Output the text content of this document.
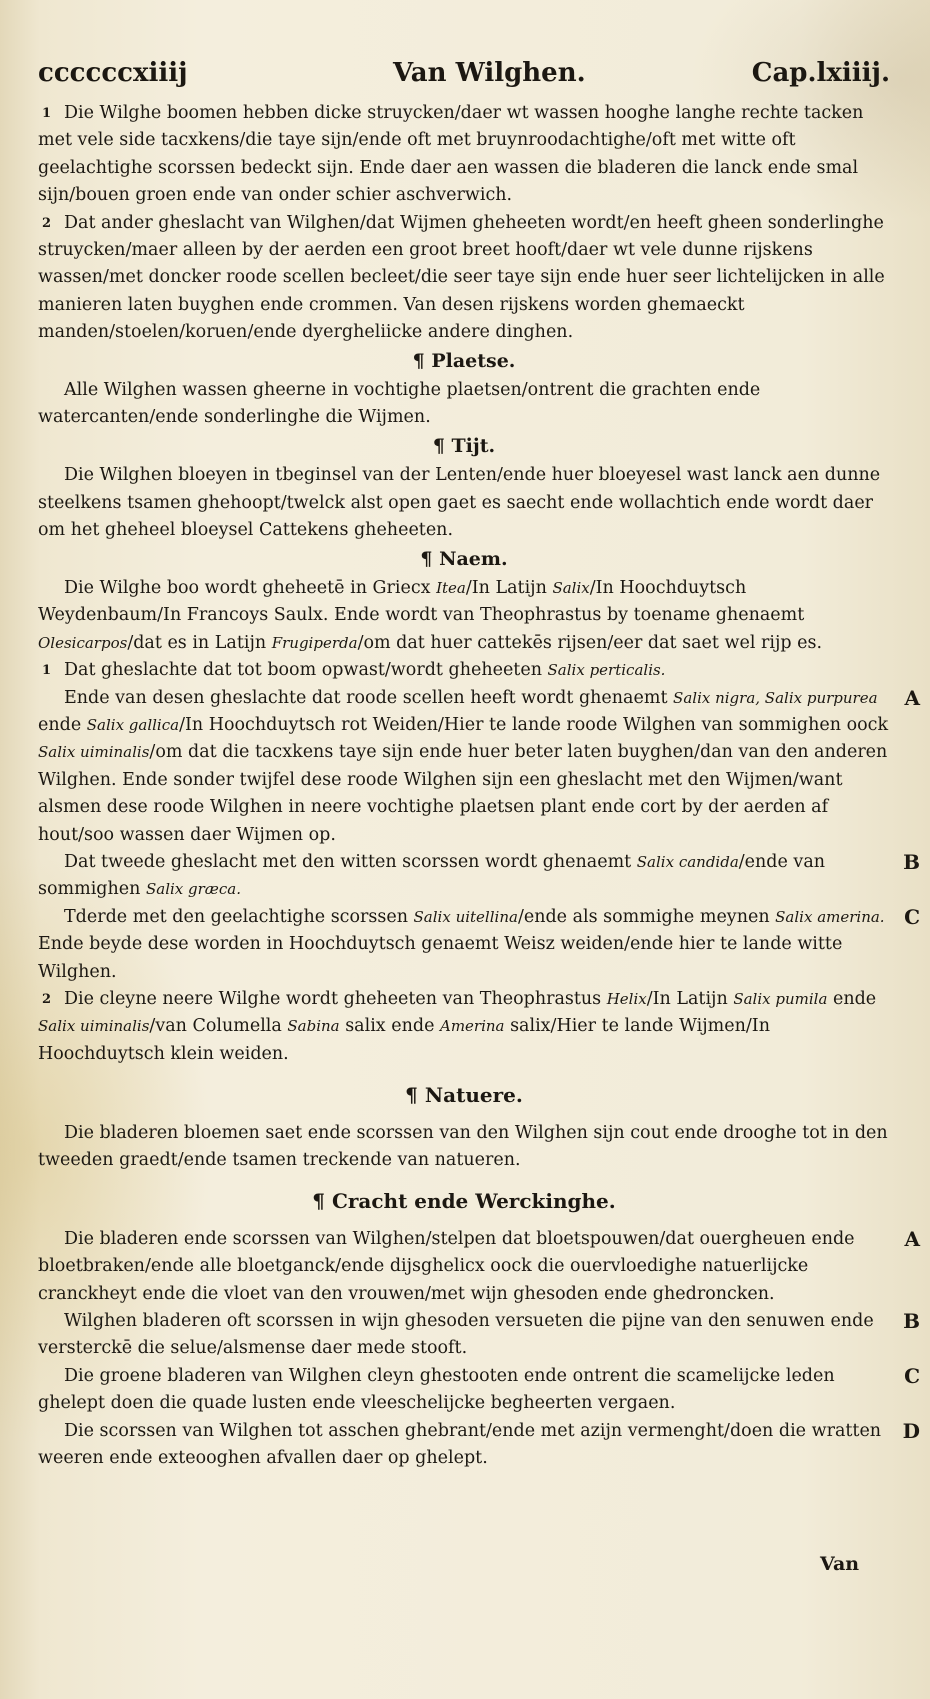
ccccccxiiij	Van Wilghen.	Cap.lxiiij.

1 Die Wilghe boomen hebben dicke struycken/daer wt wassen hooghe langhe rechte tacken met vele side tacxkens/die taye sijn/ende oft met bruynroodachtighe/oft met witte oft geelachtighe scorssen bedeckt sijn. Ende daer aen wassen die bladeren die lanck ende smal sijn/bouen groen ende van onder schier aschverwich.

2 Dat ander gheslacht van Wilghen/dat Wijmen gheheeten wordt/en heeft gheen sonderlinghe struycken/maer alleen by der aerden een groot breet hooft/daer wt vele dunne rijskens wassen/met doncker roode scellen becleet/die seer taye sijn ende huer seer lichtelijcken in alle manieren laten buyghen ende crommen. Van desen rijskens worden ghemaeckt manden/stoelen/koruen/ende dyergheliicke andere dinghen.

¶ Plaetse.

Alle Wilghen wassen gheerne in vochtighe plaetsen/ontrent die grachten ende watercanten/ende sonderlinghe die Wijmen.

¶ Tijt.

Die Wilghen bloeyen in tbeginsel van der Lenten/ende huer bloeyesel wast lanck aen dunne steelkens tsamen ghehoopt/twelck alst open gaet es saecht ende wollachtich ende wordt daer om het gheheel bloeysel Cattekens gheheeten.

¶ Naem.

Die Wilghe boo wordt gheheetē in Griecx Itea/In Latijn Salix/In Hoochduytsch Weydenbaum/In Francoys Saulx. Ende wordt van Theophrastus by toename ghenaemt Olesicarpos/dat es in Latijn Frugiperda/om dat huer cattekēs rijsen/eer dat saet wel rijp es.

1 Dat gheslachte dat tot boom opwast/wordt gheheeten Salix perticalis.

A
Ende van desen gheslachte dat roode scellen heeft wordt ghenaemt Salix nigra, Salix purpurea ende Salix gallica/In Hoochduytsch rot Weiden/Hier te lande roode Wilghen van sommighen oock Salix uiminalis/om dat die tacxkens taye sijn ende huer beter laten buyghen/dan van den anderen Wilghen. Ende sonder twijfel dese roode Wilghen sijn een gheslacht met den Wijmen/want alsmen dese roode Wilghen in neere vochtighe plaetsen plant ende cort by der aerden af hout/soo wassen daer Wijmen op.

B
Dat tweede gheslacht met den witten scorssen wordt ghenaemt Salix candida/ende van sommighen Salix græca.

C
Tderde met den geelachtighe scorssen Salix uitellina/ende als sommighe meynen Salix amerina. Ende beyde dese worden in Hoochduytsch genaemt Weisz weiden/ende hier te lande witte Wilghen.

2 Die cleyne neere Wilghe wordt gheheeten van Theophrastus Helix/In Latijn Salix pumila ende Salix uiminalis/van Columella Sabina salix ende Amerina salix/Hier te lande Wijmen/In Hoochduytsch klein weiden.

¶ Natuere.

Die bladeren bloemen saet ende scorssen van den Wilghen sijn cout ende drooghe tot in den tweeden graedt/ende tsamen treckende van natueren.

¶ Cracht ende Werckinghe.

A
Die bladeren ende scorssen van Wilghen/stelpen dat bloetspouwen/dat ouergheuen ende bloetbraken/ende alle bloetganck/ende dijsghelicx oock die ouervloedighe natuerlijcke cranckheyt ende die vloet van den vrouwen/met wijn ghesoden ende ghedroncken.

B
Wilghen bladeren oft scorssen in wijn ghesoden versueten die pijne van den senuwen ende versterckē die selue/alsmense daer mede stooft.

C
Die groene bladeren van Wilghen cleyn ghestooten ende ontrent die scamelijcke leden ghelept doen die quade lusten ende vleeschelijcke begheerten vergaen.

D
Die scorssen van Wilghen tot asschen ghebrant/ende met azijn vermenght/doen die wratten weeren ende exteooghen afvallen daer op ghelept.

Van
